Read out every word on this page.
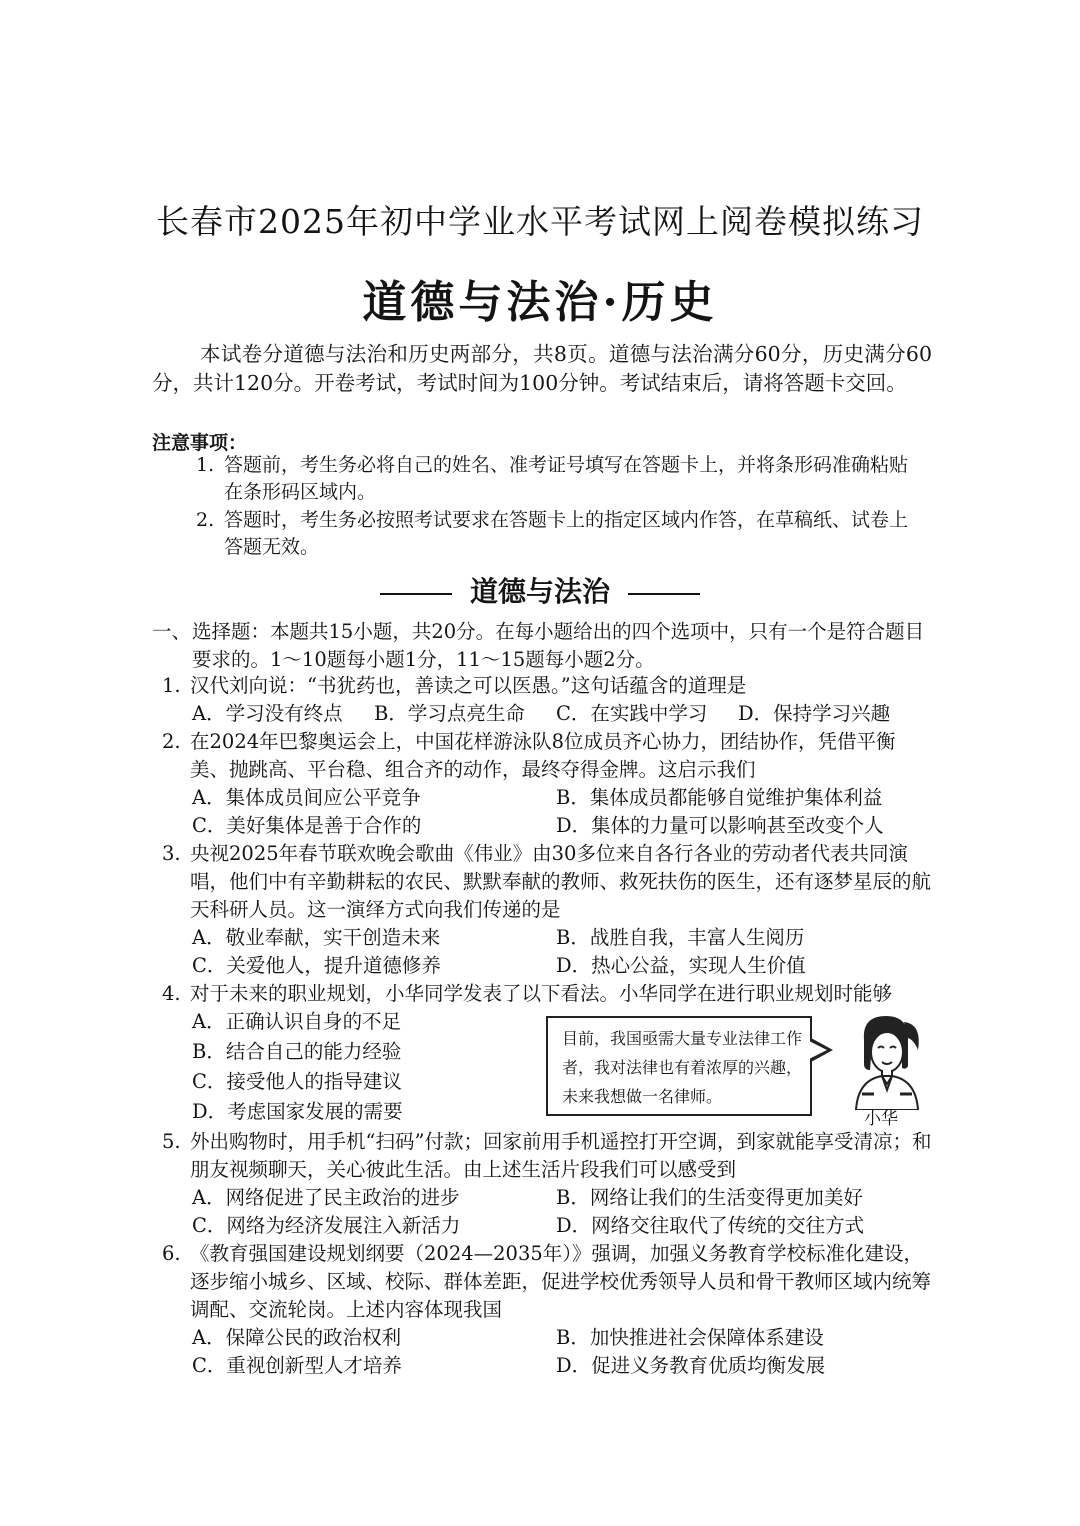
长春市2025年初中学业水平考试网上阅卷模拟练习
道德与法治·历史
本试卷分道德与法治和历史两部分，共8页。道德与法治满分60分，历史满分60分，共计120分。开卷考试，考试时间为100分钟。考试结束后，请将答题卡交回。
注意事项：
1. 答题前，考生务必将自己的姓名、准考证号填写在答题卡上，并将条形码准确粘贴在条形码区域内。
2. 答题时，考生务必按照考试要求在答题卡上的指定区域内作答，在草稿纸、试卷上答题无效。
道德与法治
一、 选择题：本题共15小题，共20分。在每小题给出的四个选项中，只有一个是符合题目要求的。1～10题每小题1分，11～15题每小题2分。
1. 汉代刘向说：“书犹药也，善读之可以医愚。”这句话蕴含的道理是
A．学习没有终点 B．学习点亮生命 C．在实践中学习 D．保持学习兴趣
2. 在2024年巴黎奥运会上，中国花样游泳队8位成员齐心协力，团结协作，凭借平衡美、抛跳高、平台稳、组合齐的动作，最终夺得金牌。这启示我们
A．集体成员间应公平竞争	B．集体成员都能够自觉维护集体利益
C．美好集体是善于合作的	D．集体的力量可以影响甚至改变个人
3. 央视2025年春节联欢晚会歌曲《伟业》由30多位来自各行各业的劳动者代表共同演唱，他们中有辛勤耕耘的农民、默默奉献的教师、救死扶伤的医生，还有逐梦星辰的航天科研人员。这一演绎方式向我们传递的是
A．敬业奉献，实干创造未来	B．战胜自我，丰富人生阅历
C．关爱他人，提升道德修养	D．热心公益，实现人生价值
4. 对于未来的职业规划，小华同学发表了以下看法。小华同学在进行职业规划时能够
A．正确认识自身的不足
B．结合自己的能力经验
C．接受他人的指导建议
D．考虑国家发展的需要
目前，我国亟需大量专业法律工作者，我对法律也有着浓厚的兴趣，未来我想做一名律师。
小华
5. 外出购物时，用手机“扫码”付款；回家前用手机遥控打开空调，到家就能享受清凉；和朋友视频聊天，关心彼此生活。由上述生活片段我们可以感受到
A．网络促进了民主政治的进步	B．网络让我们的生活变得更加美好
C．网络为经济发展注入新活力	D．网络交往取代了传统的交往方式
6. 《教育强国建设规划纲要（2024—2035年）》强调，加强义务教育学校标准化建设，逐步缩小城乡、区域、校际、群体差距，促进学校优秀领导人员和骨干教师区域内统筹调配、交流轮岗。上述内容体现我国
A．保障公民的政治权利	B．加快推进社会保障体系建设
C．重视创新型人才培养	D．促进义务教育优质均衡发展
